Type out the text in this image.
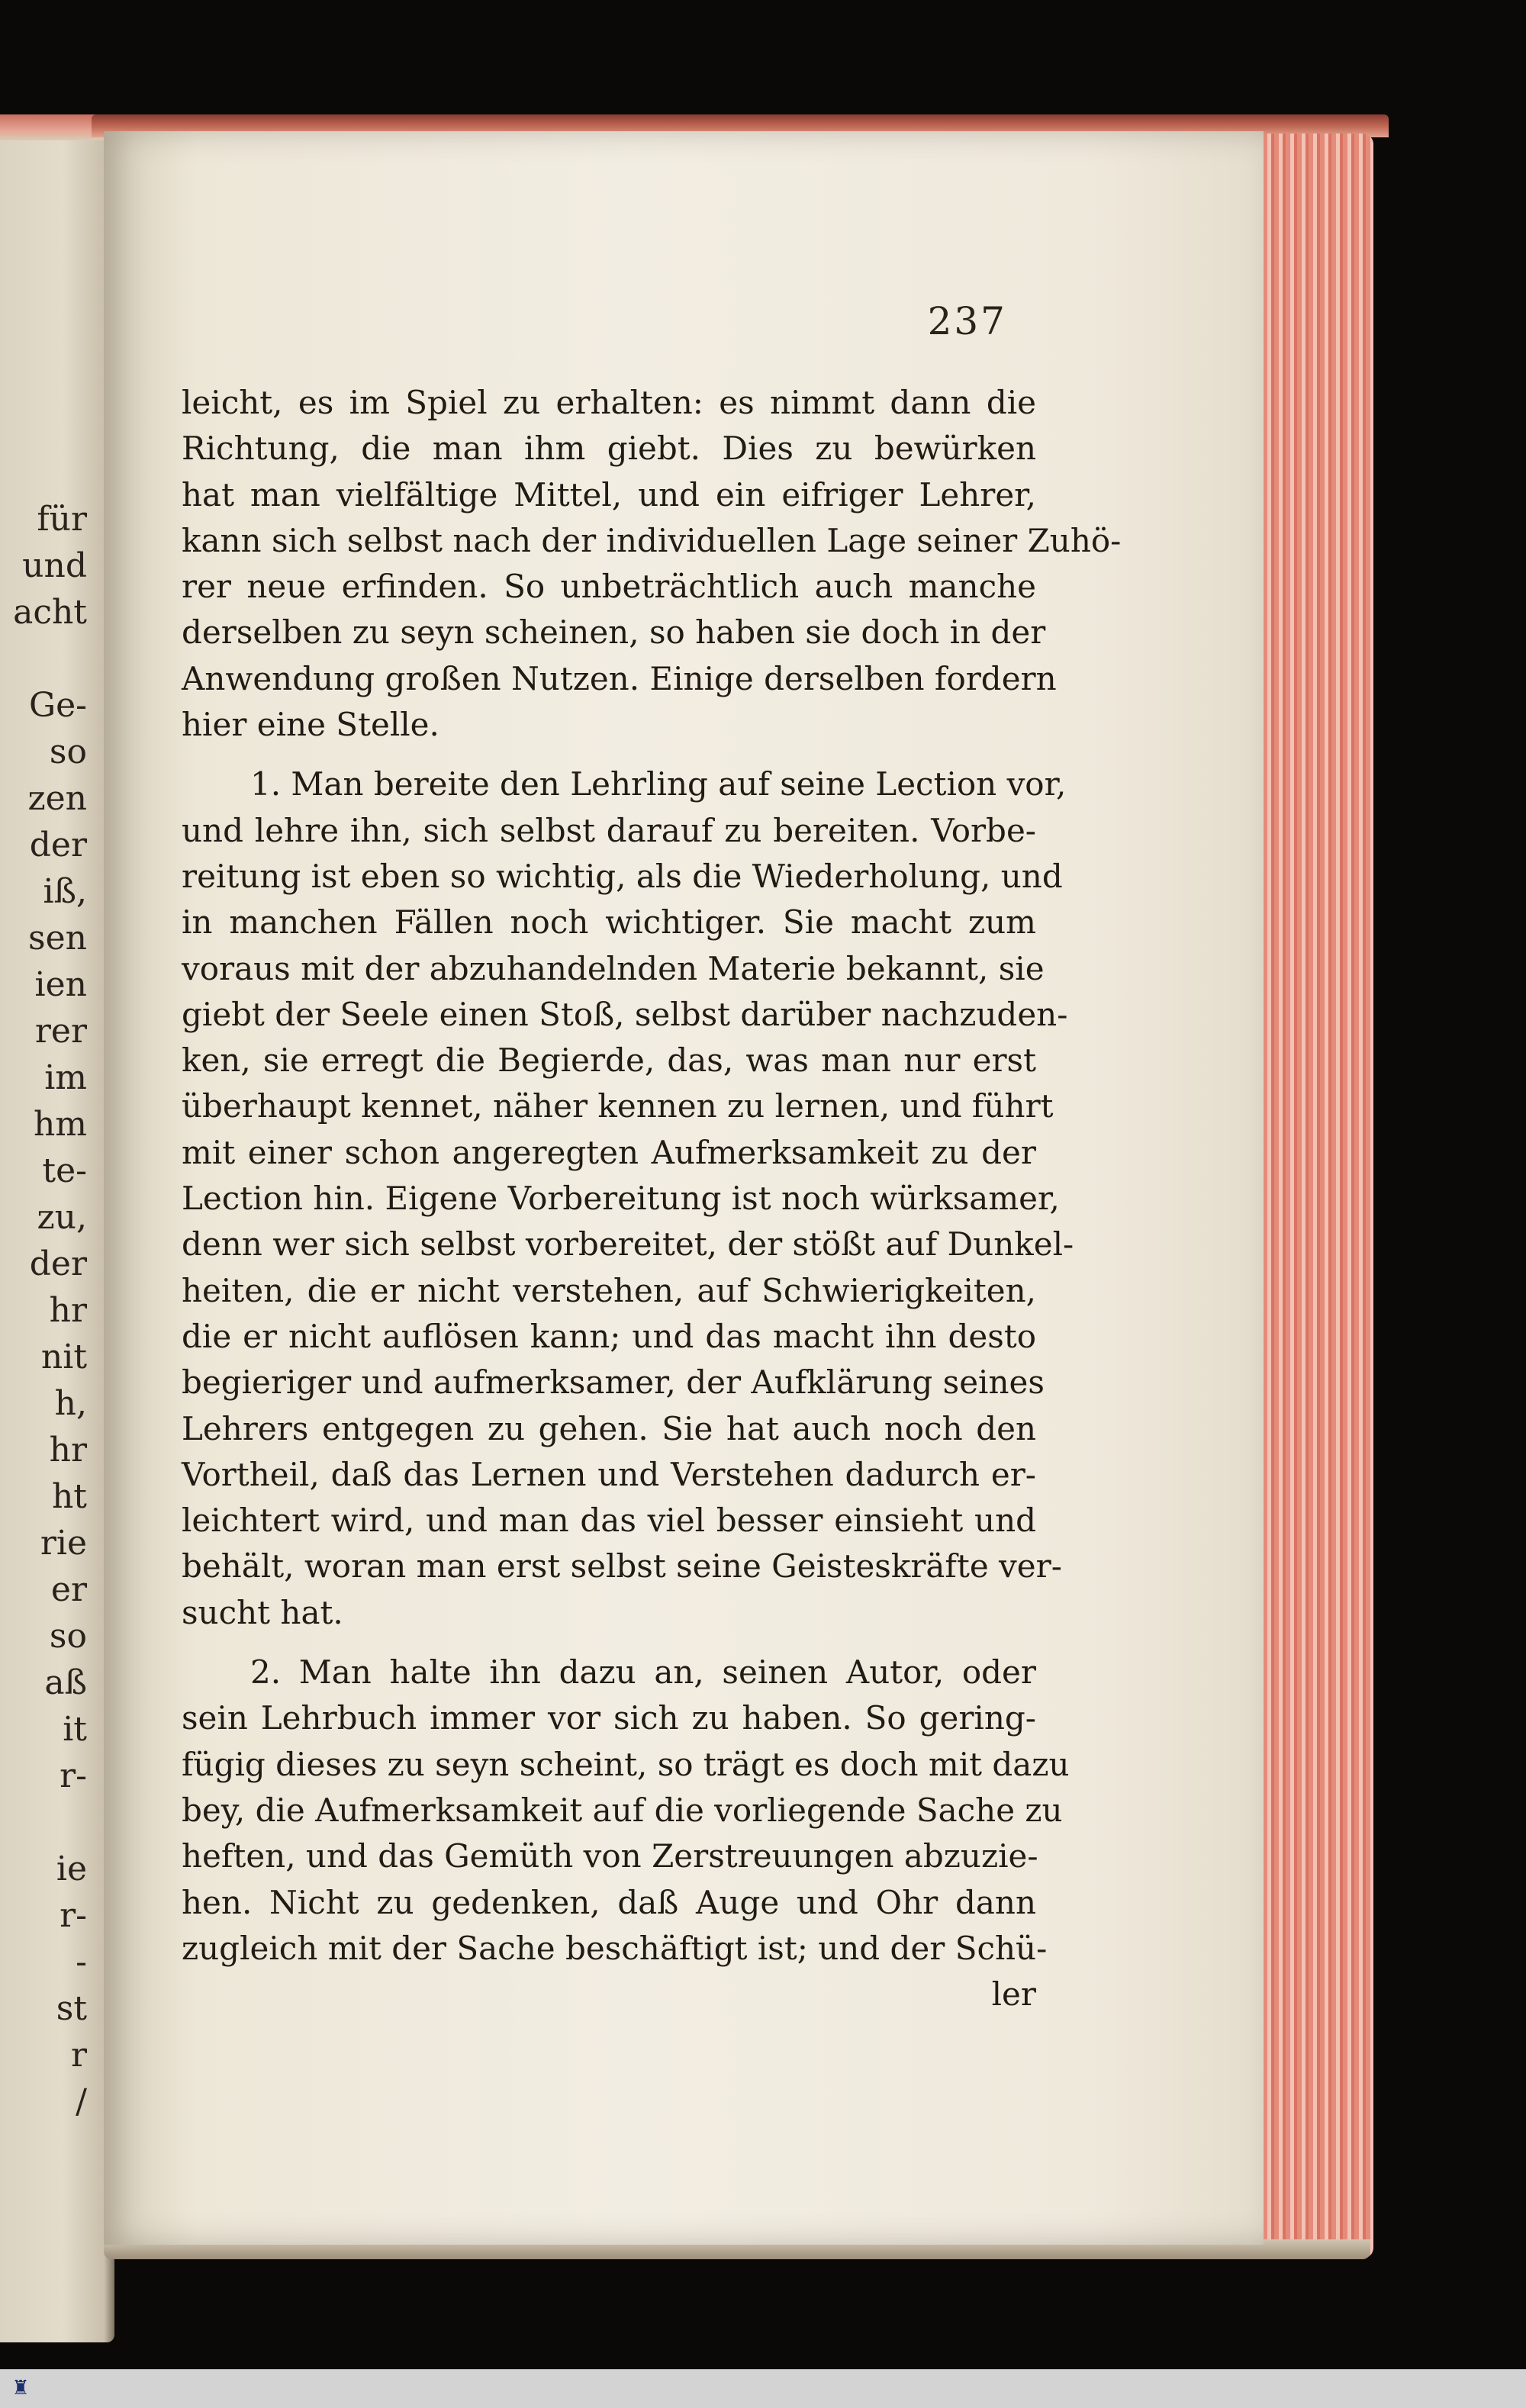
für
und
acht

Ge-
so
zen
der
iß,
sen
ien
rer
im
hm
te-
zu,
der
hr
nit
h,
hr
ht
rie
er
so
aß
it
r-

ie
r-
-
st
r
/
237
leicht, es im Spiel zu erhalten: es nimmt dann die
Richtung, die man ihm giebt. Dies zu bewürken
hat man vielfältige Mittel, und ein eifriger Lehrer,
kann sich selbst nach der individuellen Lage seiner Zuhö-
rer neue erfinden. So unbeträchtlich auch manche
derselben zu seyn scheinen, so haben sie doch in der
Anwendung großen Nutzen. Einige derselben fordern
hier eine Stelle.
1. Man bereite den Lehrling auf seine Lection vor,
und lehre ihn, sich selbst darauf zu bereiten. Vorbe-
reitung ist eben so wichtig, als die Wiederholung, und
in manchen Fällen noch wichtiger. Sie macht zum
voraus mit der abzuhandelnden Materie bekannt, sie
giebt der Seele einen Stoß, selbst darüber nachzuden-
ken, sie erregt die Begierde, das, was man nur erst
überhaupt kennet, näher kennen zu lernen, und führt
mit einer schon angeregten Aufmerksamkeit zu der
Lection hin. Eigene Vorbereitung ist noch würksamer,
denn wer sich selbst vorbereitet, der stößt auf Dunkel-
heiten, die er nicht verstehen, auf Schwierigkeiten,
die er nicht auflösen kann; und das macht ihn desto
begieriger und aufmerksamer, der Aufklärung seines
Lehrers entgegen zu gehen. Sie hat auch noch den
Vortheil, daß das Lernen und Verstehen dadurch er-
leichtert wird, und man das viel besser einsieht und
behält, woran man erst selbst seine Geisteskräfte ver-
sucht hat.
2. Man halte ihn dazu an, seinen Autor, oder
sein Lehrbuch immer vor sich zu haben. So gering-
fügig dieses zu seyn scheint, so trägt es doch mit dazu
bey, die Aufmerksamkeit auf die vorliegende Sache zu
heften, und das Gemüth von Zerstreuungen abzuzie-
hen. Nicht zu gedenken, daß Auge und Ohr dann
zugleich mit der Sache beschäftigt ist; und der Schü-
ler
♜
